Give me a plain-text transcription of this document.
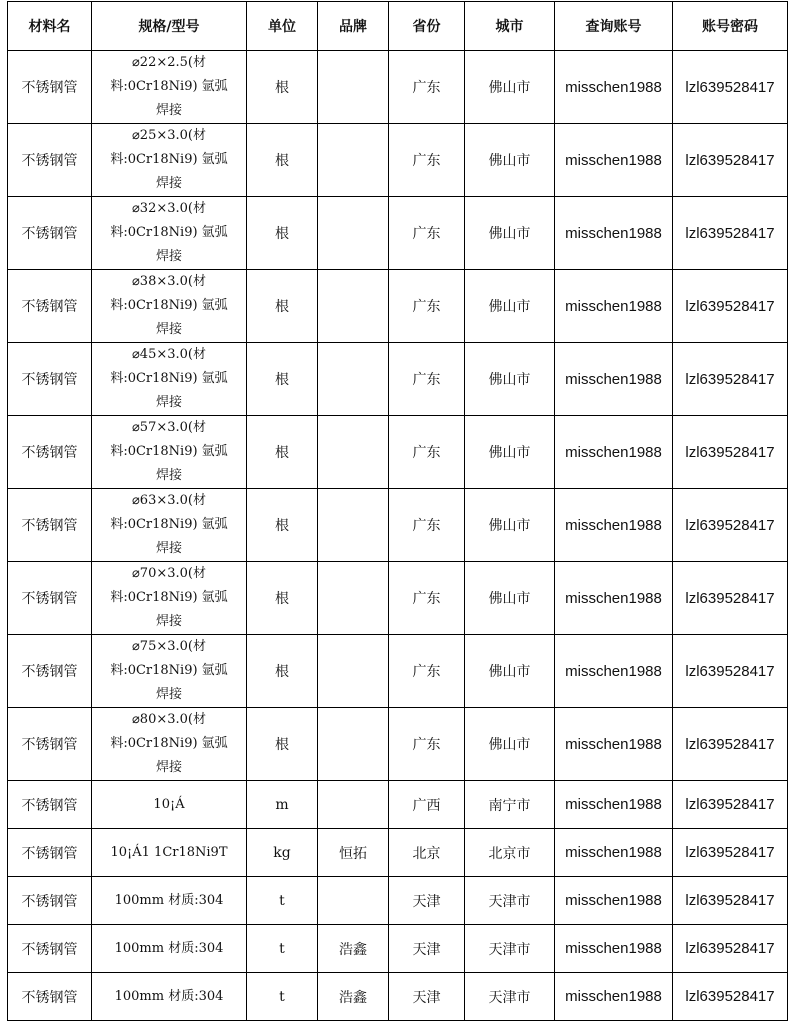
材料名	规格/型号	单位	品牌	省份	城市	查询账号	账号密码
不锈钢管	⌀22×2.5(材
料:0Cr18Ni9) 氩弧
焊接	根		广东	佛山市	misschen1988	lzl639528417
不锈钢管	⌀25×3.0(材
料:0Cr18Ni9) 氩弧
焊接	根		广东	佛山市	misschen1988	lzl639528417
不锈钢管	⌀32×3.0(材
料:0Cr18Ni9) 氩弧
焊接	根		广东	佛山市	misschen1988	lzl639528417
不锈钢管	⌀38×3.0(材
料:0Cr18Ni9) 氩弧
焊接	根		广东	佛山市	misschen1988	lzl639528417
不锈钢管	⌀45×3.0(材
料:0Cr18Ni9) 氩弧
焊接	根		广东	佛山市	misschen1988	lzl639528417
不锈钢管	⌀57×3.0(材
料:0Cr18Ni9) 氩弧
焊接	根		广东	佛山市	misschen1988	lzl639528417
不锈钢管	⌀63×3.0(材
料:0Cr18Ni9) 氩弧
焊接	根		广东	佛山市	misschen1988	lzl639528417
不锈钢管	⌀70×3.0(材
料:0Cr18Ni9) 氩弧
焊接	根		广东	佛山市	misschen1988	lzl639528417
不锈钢管	⌀75×3.0(材
料:0Cr18Ni9) 氩弧
焊接	根		广东	佛山市	misschen1988	lzl639528417
不锈钢管	⌀80×3.0(材
料:0Cr18Ni9) 氩弧
焊接	根		广东	佛山市	misschen1988	lzl639528417
不锈钢管	10¡Á	m		广西	南宁市	misschen1988	lzl639528417
不锈钢管	10¡Á1 1Cr18Ni9T	kg	恒拓	北京	北京市	misschen1988	lzl639528417
不锈钢管	100mm 材质:304	t		天津	天津市	misschen1988	lzl639528417
不锈钢管	100mm 材质:304	t	浩鑫	天津	天津市	misschen1988	lzl639528417
不锈钢管	100mm 材质:304	t	浩鑫	天津	天津市	misschen1988	lzl639528417
